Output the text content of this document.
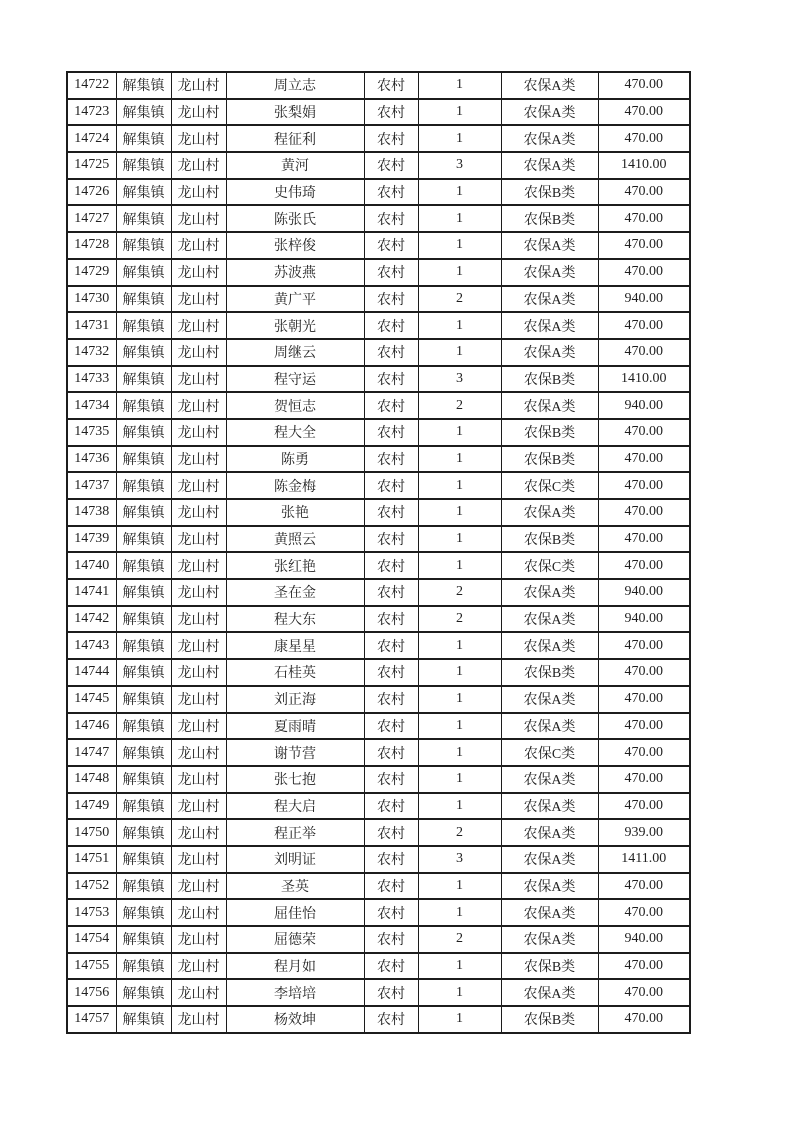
14722	解集镇	龙山村	周立志	农村	1	农保A类	470.00
14723	解集镇	龙山村	张梨娟	农村	1	农保A类	470.00
14724	解集镇	龙山村	程征利	农村	1	农保A类	470.00
14725	解集镇	龙山村	黄河	农村	3	农保A类	1410.00
14726	解集镇	龙山村	史伟琦	农村	1	农保B类	470.00
14727	解集镇	龙山村	陈张氏	农村	1	农保B类	470.00
14728	解集镇	龙山村	张梓俊	农村	1	农保A类	470.00
14729	解集镇	龙山村	苏波燕	农村	1	农保A类	470.00
14730	解集镇	龙山村	黄广平	农村	2	农保A类	940.00
14731	解集镇	龙山村	张朝光	农村	1	农保A类	470.00
14732	解集镇	龙山村	周继云	农村	1	农保A类	470.00
14733	解集镇	龙山村	程守运	农村	3	农保B类	1410.00
14734	解集镇	龙山村	贺恒志	农村	2	农保A类	940.00
14735	解集镇	龙山村	程大全	农村	1	农保B类	470.00
14736	解集镇	龙山村	陈勇	农村	1	农保B类	470.00
14737	解集镇	龙山村	陈金梅	农村	1	农保C类	470.00
14738	解集镇	龙山村	张艳	农村	1	农保A类	470.00
14739	解集镇	龙山村	黄照云	农村	1	农保B类	470.00
14740	解集镇	龙山村	张红艳	农村	1	农保C类	470.00
14741	解集镇	龙山村	圣在金	农村	2	农保A类	940.00
14742	解集镇	龙山村	程大东	农村	2	农保A类	940.00
14743	解集镇	龙山村	康星星	农村	1	农保A类	470.00
14744	解集镇	龙山村	石桂英	农村	1	农保B类	470.00
14745	解集镇	龙山村	刘正海	农村	1	农保A类	470.00
14746	解集镇	龙山村	夏雨晴	农村	1	农保A类	470.00
14747	解集镇	龙山村	谢节营	农村	1	农保C类	470.00
14748	解集镇	龙山村	张七抱	农村	1	农保A类	470.00
14749	解集镇	龙山村	程大启	农村	1	农保A类	470.00
14750	解集镇	龙山村	程正举	农村	2	农保A类	939.00
14751	解集镇	龙山村	刘明证	农村	3	农保A类	1411.00
14752	解集镇	龙山村	圣英	农村	1	农保A类	470.00
14753	解集镇	龙山村	屈佳怡	农村	1	农保A类	470.00
14754	解集镇	龙山村	屈德荣	农村	2	农保A类	940.00
14755	解集镇	龙山村	程月如	农村	1	农保B类	470.00
14756	解集镇	龙山村	李培培	农村	1	农保A类	470.00
14757	解集镇	龙山村	杨效坤	农村	1	农保B类	470.00
